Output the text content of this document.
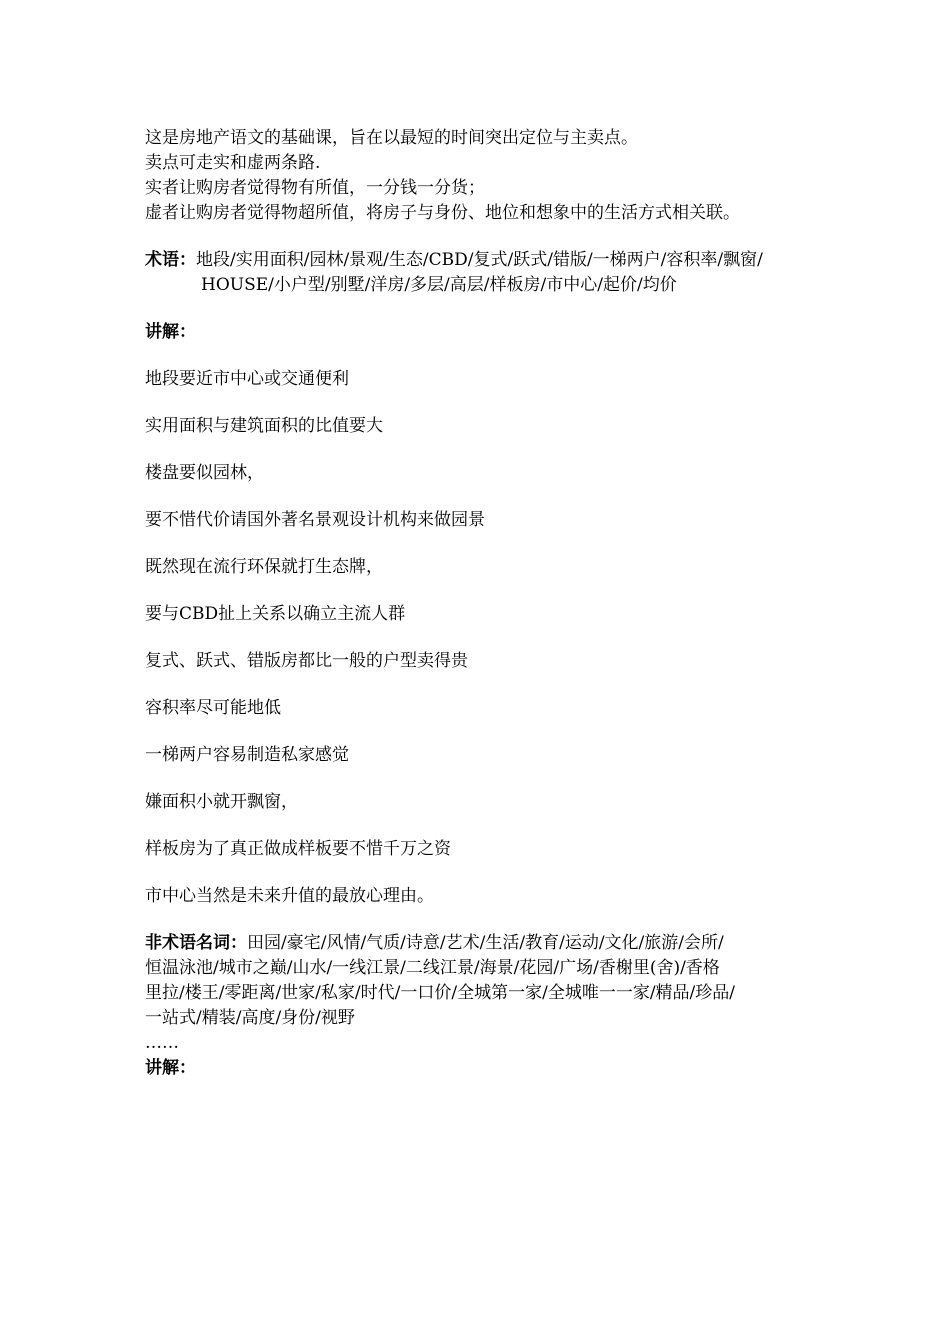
这是房地产语文的基础课，旨在以最短的时间突出定位与主卖点。
卖点可走实和虚两条路.
实者让购房者觉得物有所值，一分钱一分货；
虚者让购房者觉得物超所值，将房子与身份、地位和想象中的生活方式相关联。
术语：地段/实用面积/园林/景观/生态/CBD/复式/跃式/错版/一梯两户/容积率/飘窗/
HOUSE/小户型/别墅/洋房/多层/高层/样板房/市中心/起价/均价
讲解：
地段要近市中心或交通便利
实用面积与建筑面积的比值要大
楼盘要似园林，
要不惜代价请国外著名景观设计机构来做园景
既然现在流行环保就打生态牌，
要与CBD扯上关系以确立主流人群
复式、跃式、错版房都比一般的户型卖得贵
容积率尽可能地低
一梯两户容易制造私家感觉
嫌面积小就开飘窗，
样板房为了真正做成样板要不惜千万之资
市中心当然是未来升值的最放心理由。
非术语名词：田园/豪宅/风情/气质/诗意/艺术/生活/教育/运动/文化/旅游/会所/
恒温泳池/城市之巅/山水/一线江景/二线江景/海景/花园/广场/香榭里(舍)/香格
里拉/楼王/零距离/世家/私家/时代/一口价/全城第一家/全城唯一一家/精品/珍品/
一站式/精装/高度/身份/视野
……
讲解：
